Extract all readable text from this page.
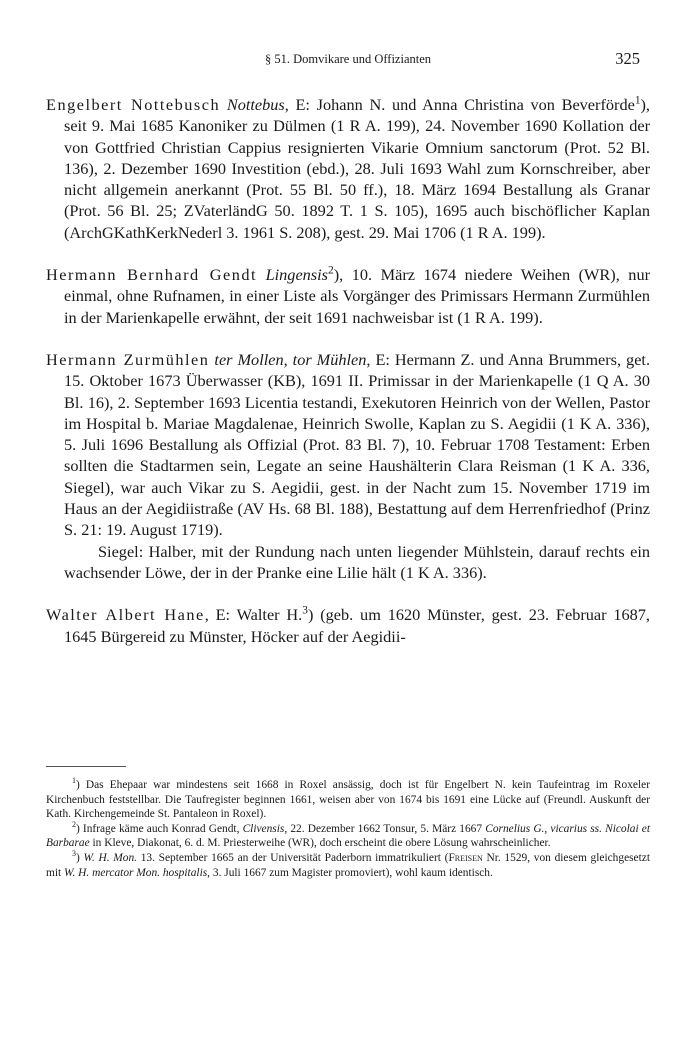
§ 51. Domvikare und Offizianten	325

Engelbert Nottebusch Nottebus, E: Johann N. und Anna Christina von Beverförde$^1$), seit 9. Mai 1685 Kanoniker zu Dülmen (1 R A. 199), 24. November 1690 Kollation der von Gottfried Christian Cappius resignierten Vikarie Omnium sanctorum (Prot. 52 Bl. 136), 2. Dezember 1690 Investition (ebd.), 28. Juli 1693 Wahl zum Kornschreiber, aber nicht allgemein anerkannt (Prot. 55 Bl. 50 ff.), 18. März 1694 Bestallung als Granar (Prot. 56 Bl. 25; ZVaterländG 50. 1892 T. 1 S. 105), 1695 auch bischöflicher Kaplan (ArchGKathKerkNederl 3. 1961 S. 208), gest. 29. Mai 1706 (1 R A. 199).

Hermann Bernhard Gendt Lingensis$^2$), 10. März 1674 niedere Weihen (WR), nur einmal, ohne Rufnamen, in einer Liste als Vorgänger des Primissars Hermann Zurmühlen in der Marienkapelle erwähnt, der seit 1691 nachweisbar ist (1 R A. 199).

Hermann Zurmühlen ter Mollen, tor Mühlen, E: Hermann Z. und Anna Brummers, get. 15. Oktober 1673 Überwasser (KB), 1691 II. Primissar in der Marienkapelle (1 Q A. 30 Bl. 16), 2. September 1693 Licentia testandi, Exekutoren Heinrich von der Wellen, Pastor im Hospital b. Mariae Magdalenae, Heinrich Swolle, Kaplan zu S. Aegidii (1 K A. 336), 5. Juli 1696 Bestallung als Offizial (Prot. 83 Bl. 7), 10. Februar 1708 Testament: Erben sollten die Stadtarmen sein, Legate an seine Haushälterin Clara Reisman (1 K A. 336, Siegel), war auch Vikar zu S. Aegidii, gest. in der Nacht zum 15. November 1719 im Haus an der Aegidiistraße (AV Hs. 68 Bl. 188), Bestattung auf dem Herrenfriedhof (Prinz S. 21: 19. August 1719).

Siegel: Halber, mit der Rundung nach unten liegender Mühlstein, darauf rechts ein wachsender Löwe, der in der Pranke eine Lilie hält (1 K A. 336).

Walter Albert Hane, E: Walter H.$^3$) (geb. um 1620 Münster, gest. 23. Februar 1687, 1645 Bürgereid zu Münster, Höcker auf der Aegidii-

$^1$) Das Ehepaar war mindestens seit 1668 in Roxel ansässig, doch ist für Engelbert N. kein Taufeintrag im Roxeler Kirchenbuch feststellbar. Die Taufregister beginnen 1661, weisen aber von 1674 bis 1691 eine Lücke auf (Freundl. Auskunft der Kath. Kirchengemeinde St. Pantaleon in Roxel).

$^2$) Infrage käme auch Konrad Gendt, Clivensis, 22. Dezember 1662 Tonsur, 5. März 1667 Cornelius G., vicarius ss. Nicolai et Barbarae in Kleve, Diakonat, 6. d. M. Priesterweihe (WR), doch erscheint die obere Lösung wahrscheinlicher.

$^3$) W. H. Mon. 13. September 1665 an der Universität Paderborn immatrikuliert (Freisen Nr. 1529, von diesem gleichgesetzt mit W. H. mercator Mon. hospitalis, 3. Juli 1667 zum Magister promoviert), wohl kaum identisch.
